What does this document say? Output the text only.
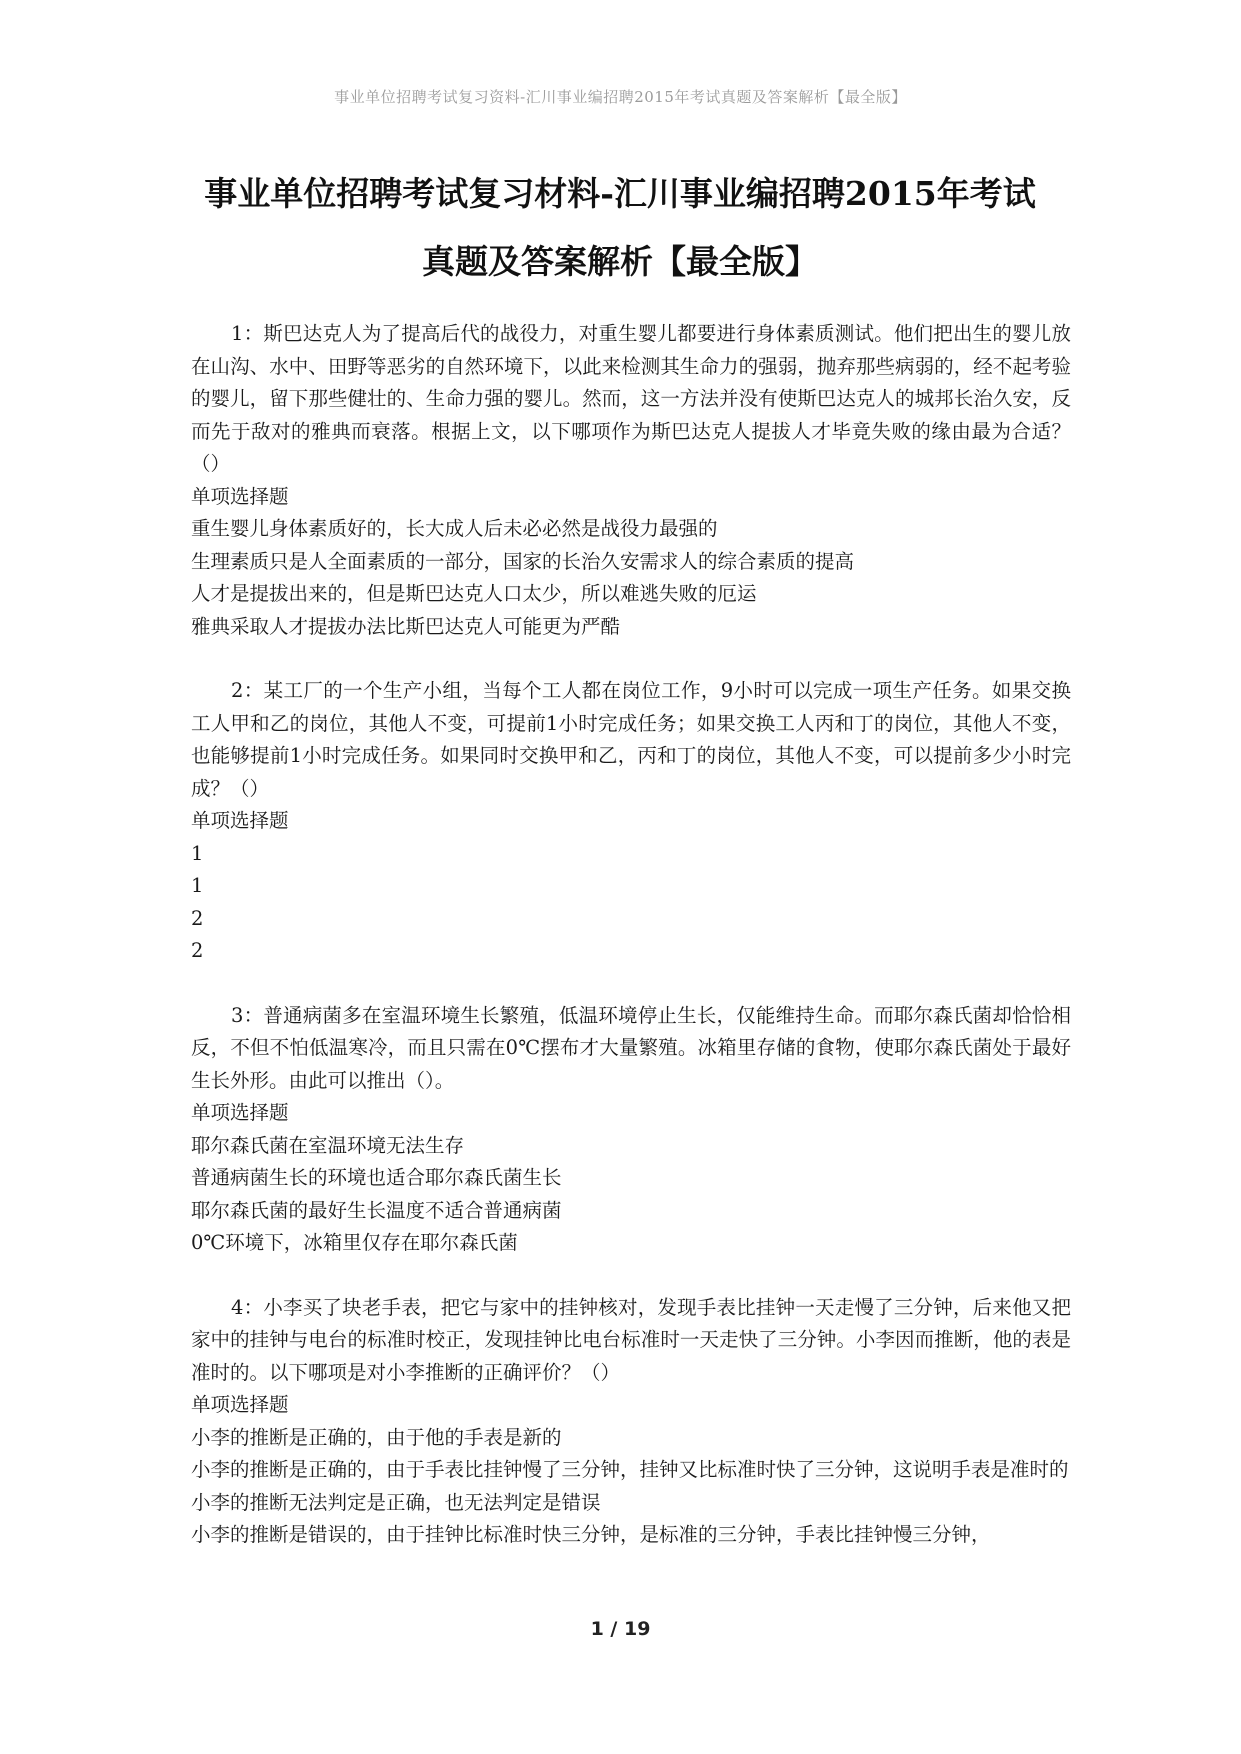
事业单位招聘考试复习资料-汇川事业编招聘2015年考试真题及答案解析【最全版】
事业单位招聘考试复习材料-汇川事业编招聘2015年考试
真题及答案解析【最全版】

1：斯巴达克人为了提高后代的战役力，对重生婴儿都要进行身体素质测试。他们把出生的婴儿放在山沟、水中、田野等恶劣的自然环境下，以此来检测其生命力的强弱，抛弃那些病弱的，经不起考验的婴儿，留下那些健壮的、生命力强的婴儿。然而，这一方法并没有使斯巴达克人的城邦长治久安，反而先于敌对的雅典而衰落。根据上文，以下哪项作为斯巴达克人提拔人才毕竟失败的缘由最为合适？（）

单项选择题

重生婴儿身体素质好的，长大成人后未必必然是战役力最强的
生理素质只是人全面素质的一部分，国家的长治久安需求人的综合素质的提高
人才是提拔出来的，但是斯巴达克人口太少，所以难逃失败的厄运
雅典采取人才提拔办法比斯巴达克人可能更为严酷

2：某工厂的一个生产小组，当每个工人都在岗位工作，9小时可以完成一项生产任务。如果交换工人甲和乙的岗位，其他人不变，可提前1小时完成任务；如果交换工人丙和丁的岗位，其他人不变，也能够提前1小时完成任务。如果同时交换甲和乙，丙和丁的岗位，其他人不变，可以提前多少小时完成？（）

单项选择题

1
1
2
2

3：普通病菌多在室温环境生长繁殖，低温环境停止生长，仅能维持生命。而耶尔森氏菌却恰恰相反，不但不怕低温寒冷，而且只需在0℃摆布才大量繁殖。冰箱里存储的食物，使耶尔森氏菌处于最好生长外形。由此可以推出（）。

单项选择题

耶尔森氏菌在室温环境无法生存
普通病菌生长的环境也适合耶尔森氏菌生长
耶尔森氏菌的最好生长温度不适合普通病菌
0℃环境下，冰箱里仅存在耶尔森氏菌

4：小李买了块老手表，把它与家中的挂钟核对，发现手表比挂钟一天走慢了三分钟，后来他又把家中的挂钟与电台的标准时校正，发现挂钟比电台标准时一天走快了三分钟。小李因而推断，他的表是准时的。以下哪项是对小李推断的正确评价？（）

单项选择题

小李的推断是正确的，由于他的手表是新的
小李的推断是正确的，由于手表比挂钟慢了三分钟，挂钟又比标准时快了三分钟，这说明手表是准时的
小李的推断无法判定是正确，也无法判定是错误
小李的推断是错误的，由于挂钟比标准时快三分钟，是标准的三分钟，手表比挂钟慢三分钟，
1 / 19
